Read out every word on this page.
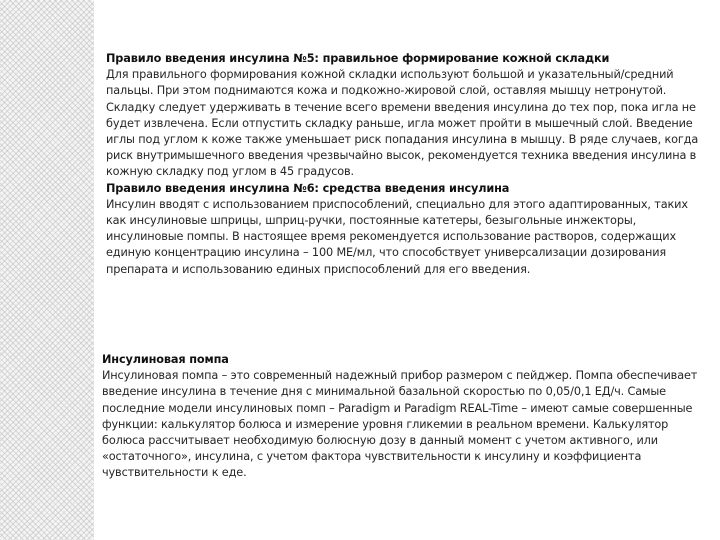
Правило введения инсулина №5: правильное формирование кожной складки
Для правильного формирования кожной складки используют большой и указательный/средний пальцы. При этом поднимаются кожа и подкожно-жировой слой, оставляя мышцу нетронутой. Складку следует удерживать в течение всего времени введения инсулина до тех пор, пока игла не будет извлечена. Если отпустить складку раньше, игла может пройти в мышечный слой. Введение иглы под углом к коже также уменьшает риск попадания инсулина в мышцу. В ряде случаев, когда риск внутримышечного введения чрезвычайно высок, рекомендуется техника введения инсулина в кожную складку под углом в 45 градусов.

Правило введения инсулина №6: средства введения инсулина
Инсулин вводят с использованием приспособлений, специально для этого адаптированных, таких как инсулиновые шприцы, шприц-ручки, постоянные катетеры, безыгольные инжекторы, инсулиновые помпы. В настоящее время рекомендуется использование растворов, содержащих единую концентрацию инсулина – 100 МЕ/мл, что способствует универсализации дозирования препарата и использованию единых приспособлений для его введения.

Инсулиновая помпа
Инсулиновая помпа – это современный надежный прибор размером с пейджер. Помпа обеспечивает введение инсулина в течение дня с минимальной базальной скоростью по 0,05/0,1 ЕД/ч. Самые последние модели инсулиновых помп – Paradigm и Paradigm REAL-Time – имеют самые совершенные функции: калькулятор болюса и измерение уровня гликемии в реальном времени. Калькулятор болюса рассчитывает необходимую болюсную дозу в данный момент с учетом активного, или «остаточного», инсулина, с учетом фактора чувствительности к инсулину и коэффициента чувствительности к еде.
